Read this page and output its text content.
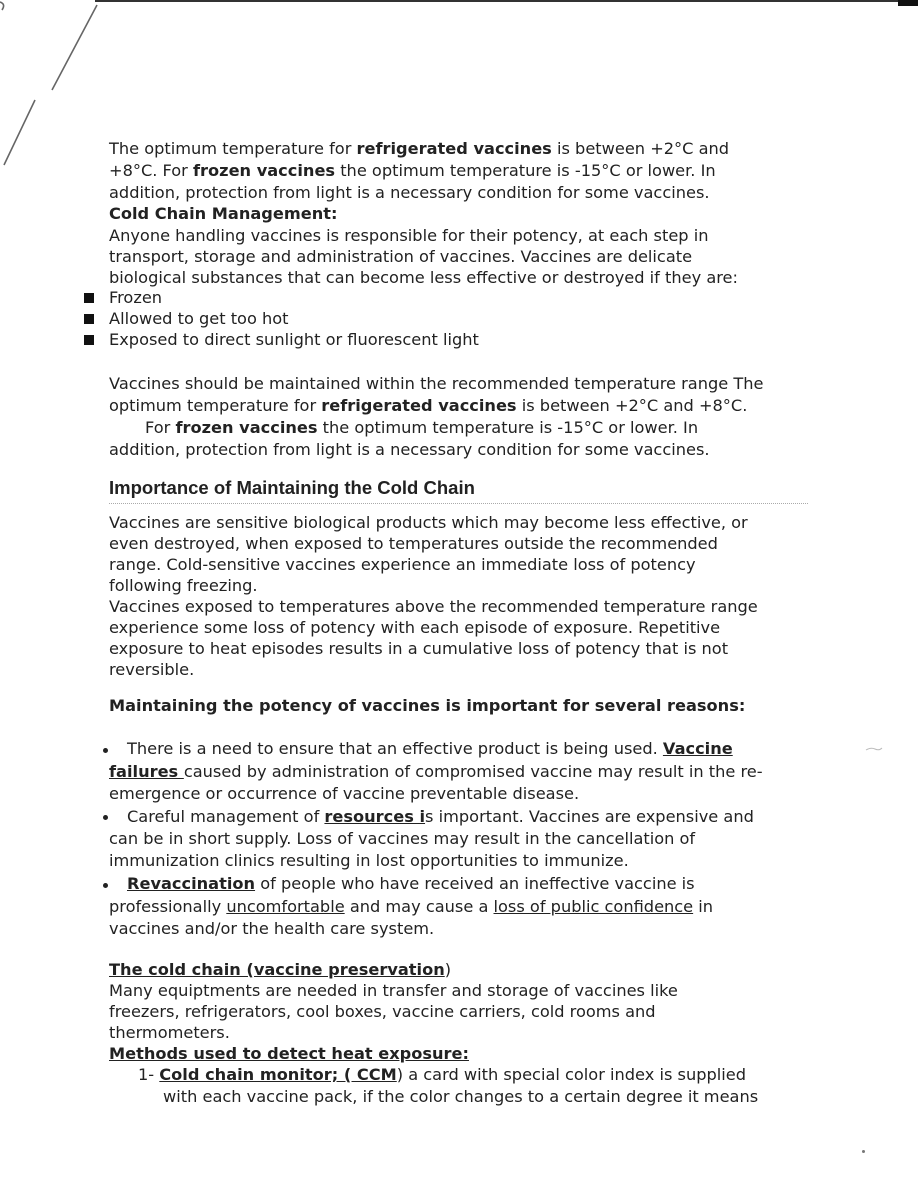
The optimum temperature for refrigerated vaccines is between +2°C and

+8°C. For frozen vaccines the optimum temperature is -15°C or lower. In

addition, protection from light is a necessary condition for some vaccines.

Cold Chain Management:

Anyone handling vaccines is responsible for their potency, at each step in

transport, storage and administration of vaccines. Vaccines are delicate

biological substances that can become less effective or destroyed if they are:

Frozen

Allowed to get too hot

Exposed to direct sunlight or fluorescent light

Vaccines should be maintained within the recommended temperature range The

optimum temperature for refrigerated vaccines is between +2°C and +8°C.

For frozen vaccines the optimum temperature is -15°C or lower. In

addition, protection from light is a necessary condition for some vaccines.

Importance of Maintaining the Cold Chain

Vaccines are sensitive biological products which may become less effective, or

even destroyed, when exposed to temperatures outside the recommended

range. Cold-sensitive vaccines experience an immediate loss of potency

following freezing.

Vaccines exposed to temperatures above the recommended temperature range

experience some loss of potency with each episode of exposure. Repetitive

exposure to heat episodes results in a cumulative loss of potency that is not

reversible.

Maintaining the potency of vaccines is important for several reasons:

There is a need to ensure that an effective product is being used. Vaccine

failures caused by administration of compromised vaccine may result in the re-

emergence or occurrence of vaccine preventable disease.

Careful management of resources is important. Vaccines are expensive and

can be in short supply. Loss of vaccines may result in the cancellation of

immunization clinics resulting in lost opportunities to immunize.

Revaccination of people who have received an ineffective vaccine is

professionally uncomfortable and may cause a loss of public confidence in

vaccines and/or the health care system.

The cold chain (vaccine preservation)

Many equiptments are needed in transfer and storage of vaccines like

freezers, refrigerators, cool boxes, vaccine carriers, cold rooms and

thermometers.

Methods used to detect heat exposure:

1- Cold chain monitor; ( CCM) a card with special color index is supplied

with each vaccine pack, if the color changes to a certain degree it means
